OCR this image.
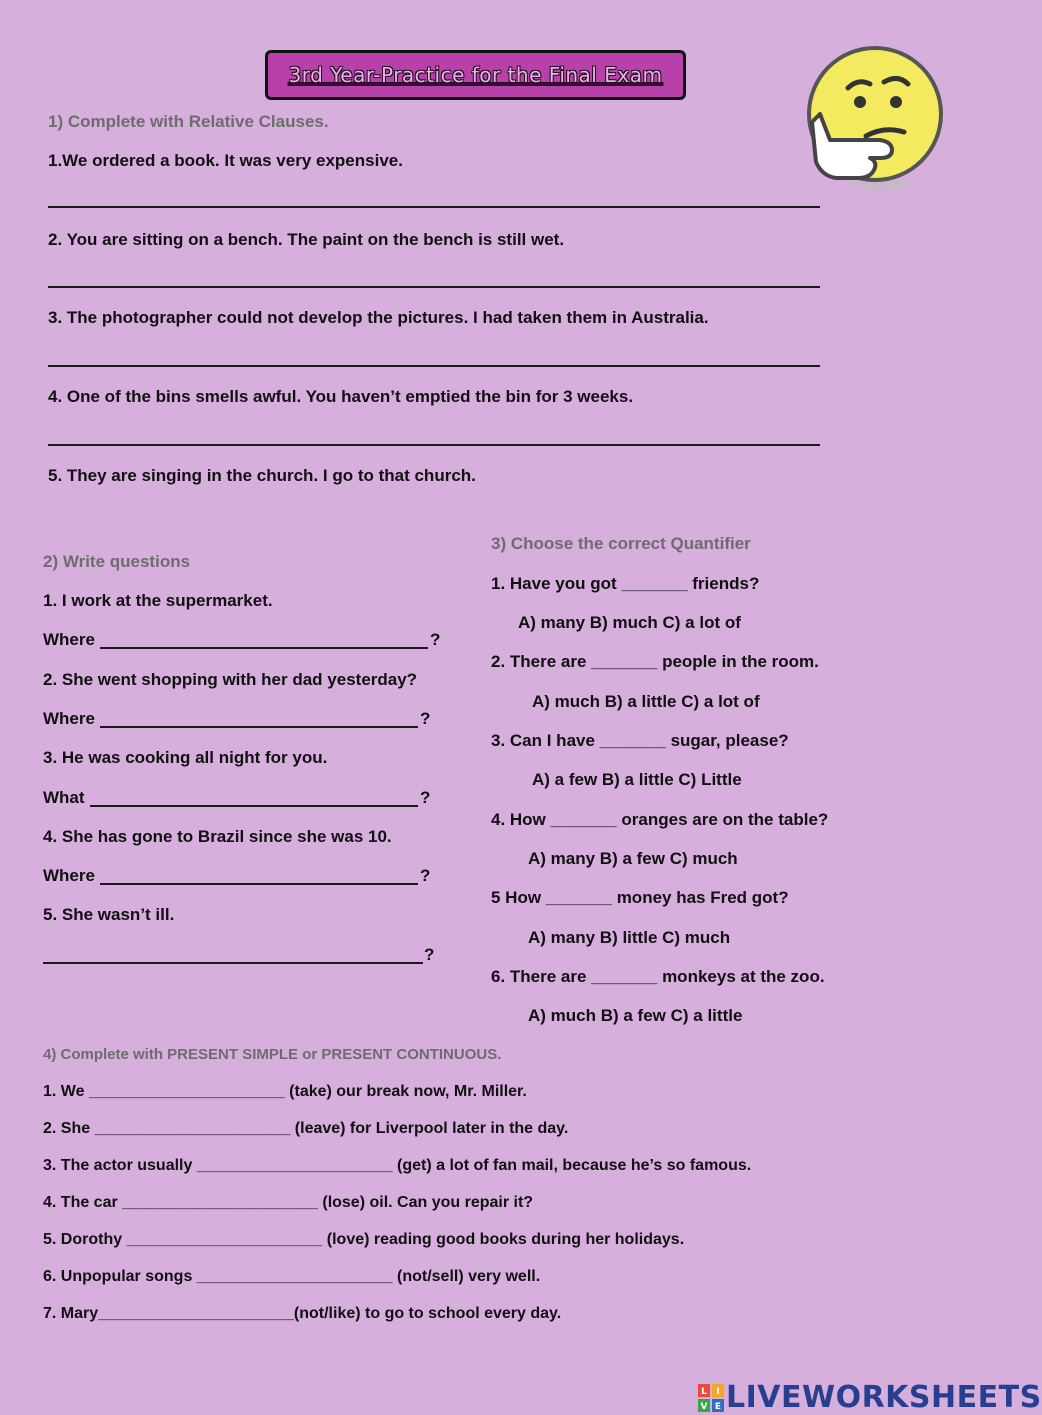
3rd Year-Practice for the Final Exam
1) Complete with Relative Clauses.
1.We ordered a book. It was very expensive.
2. You are sitting on a bench. The paint on the bench is still wet.
3. The photographer could not develop the pictures. I had taken them in Australia.
4. One of the bins smells awful. You haven’t emptied the bin for 3 weeks.
5. They are singing in the church. I go to that church.
2) Write questions
1. I work at the supermarket.
Where	?
2. She went shopping with her dad yesterday?
Where	?
3. He was cooking all night for you.
What	?
4. She has gone to Brazil since she was 10.
Where	?
5. She wasn’t ill.
?
3) Choose the correct Quantifier
1. Have you got _______ friends?
A) many B) much C) a lot of
2. There are _______ people in the room.
A) much B) a little C) a lot of
3. Can I have _______ sugar, please?
A) a few B) a little C) Little
4. How _______ oranges are on the table?
A) many B) a few C) much
5 How _______ money has Fred got?
A) many B) little C) much
6. There are _______ monkeys at the zoo.
A) much B) a few C) a little
4) Complete with PRESENT SIMPLE or PRESENT CONTINUOUS.
1. We ______________________ (take) our break now, Mr. Miller.
2. She ______________________ (leave) for Liverpool later in the day.
3. The actor usually ______________________ (get) a lot of fan mail, because he’s so famous.
4. The car ______________________ (lose) oil. Can you repair it?
5. Dorothy ______________________ (love) reading good books during her holidays.
6. Unpopular songs ______________________ (not/sell) very well.
7. Mary______________________(not/like) to go to school every day.
L I
V E LIVEWORKSHEETS
